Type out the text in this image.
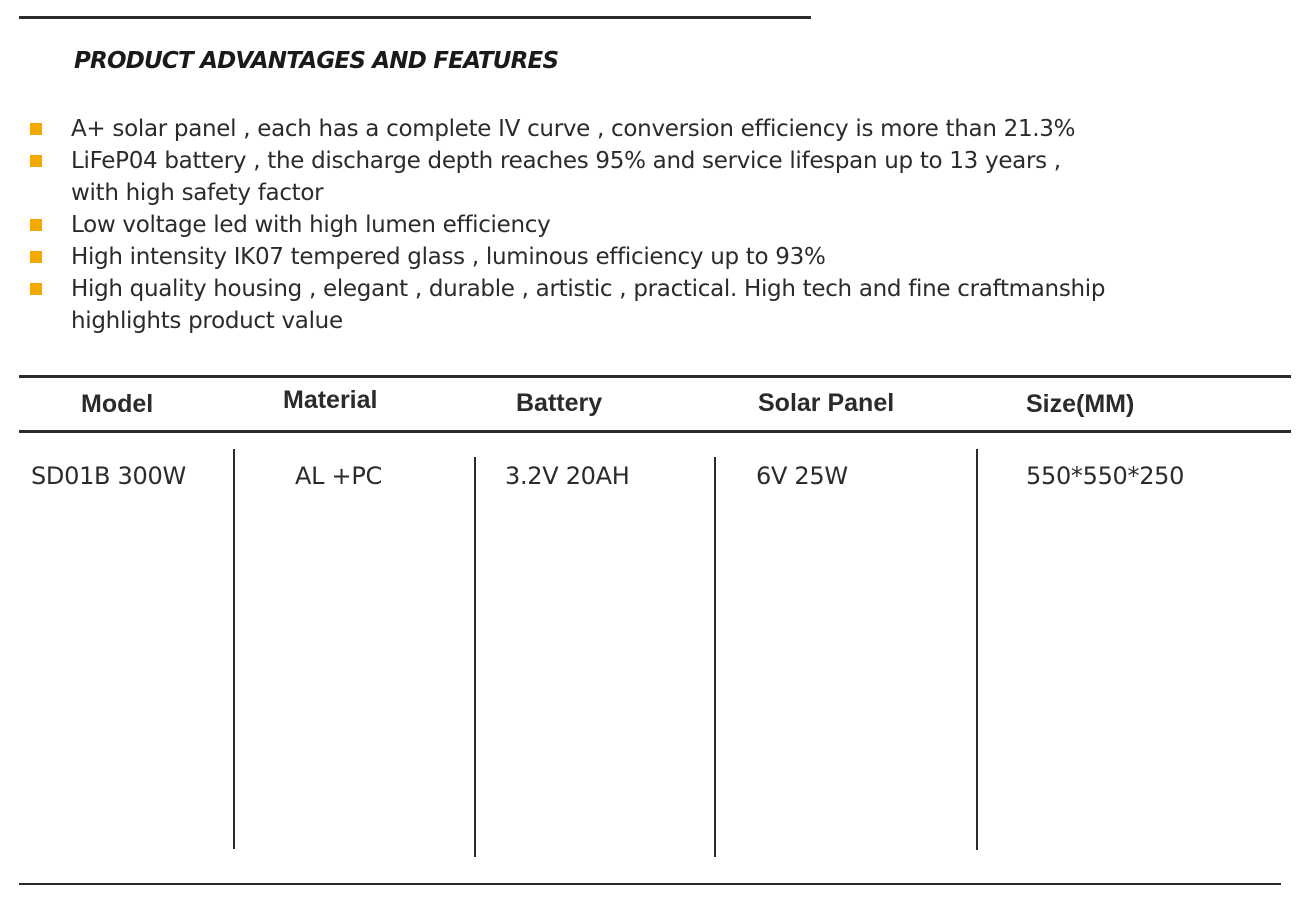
PRODUCT ADVANTAGES AND FEATURES
A+ solar panel , each has a complete IV curve , conversion efficiency is more than 21.3%
LiFeP04 battery , the discharge depth reaches 95% and service lifespan up to 13 years ,
with high safety factor
Low voltage led with high lumen efficiency
High intensity IK07 tempered glass , luminous efficiency up to 93%
High quality housing , elegant , durable , artistic , practical. High tech and fine craftmanship
highlights product value
Model	Material	Battery	Solar Panel	Size(MM)
SD01B 300W	AL +PC	3.2V 20AH	6V 25W	550*550*250
